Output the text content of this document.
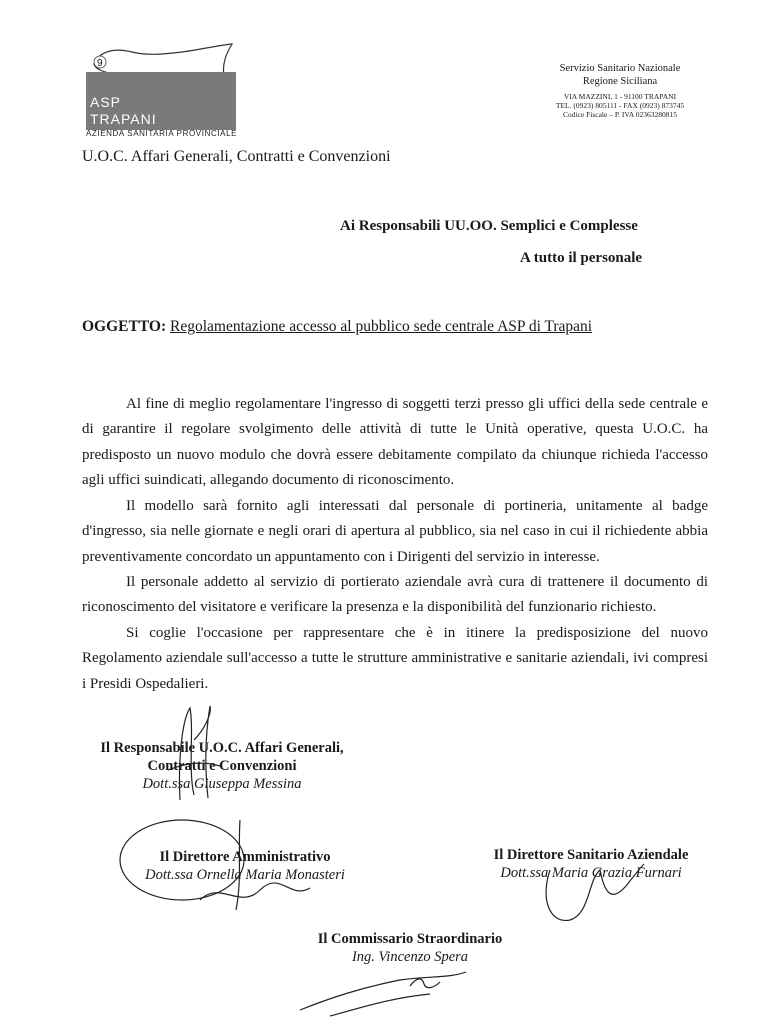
9
ASP
TRAPANI
AZIENDA SANITARIA PROVINCIALE
Servizio Sanitario Nazionale
Regione Siciliana
VIA MAZZINI, 1 - 91100 TRAPANI
TEL. (0923) 805111 - FAX (0923) 873745
Codice Fiscale – P. IVA 02363280815
U.O.C. Affari Generali, Contratti e Convenzioni
Ai Responsabili UU.OO. Semplici e Complesse
A tutto il personale
OGGETTO: Regolamentazione accesso al pubblico sede centrale ASP di Trapani
Al fine di meglio regolamentare l'ingresso di soggetti terzi presso gli uffici della sede centrale e di garantire il regolare svolgimento delle attività di tutte le Unità operative, questa U.O.C. ha predisposto un nuovo modulo che dovrà essere debitamente compilato da chiunque richieda l'accesso agli uffici suindicati, allegando documento di riconoscimento.
Il modello sarà fornito agli interessati dal personale di portineria, unitamente al badge d'ingresso, sia nelle giornate e negli orari di apertura al pubblico, sia nel caso in cui il richiedente abbia preventivamente concordato un appuntamento con i Dirigenti del servizio in interesse.
Il personale addetto al servizio di portierato aziendale avrà cura di trattenere il documento di riconoscimento del visitatore e verificare la presenza e la disponibilità del funzionario richiesto.
Si coglie l'occasione per rappresentare che è in itinere la predisposizione del nuovo Regolamento aziendale sull'accesso a tutte le strutture amministrative e sanitarie aziendali, ivi compresi i Presidi Ospedalieri.
Il Responsabile U.O.C. Affari Generali,
Contratti e Convenzioni
Dott.ssa Giuseppa Messina
Il Direttore Amministrativo
Dott.ssa Ornella Maria Monasteri
Il Direttore Sanitario Aziendale
Dott.ssa Maria Grazia Furnari
Il Commissario Straordinario
Ing. Vincenzo Spera
